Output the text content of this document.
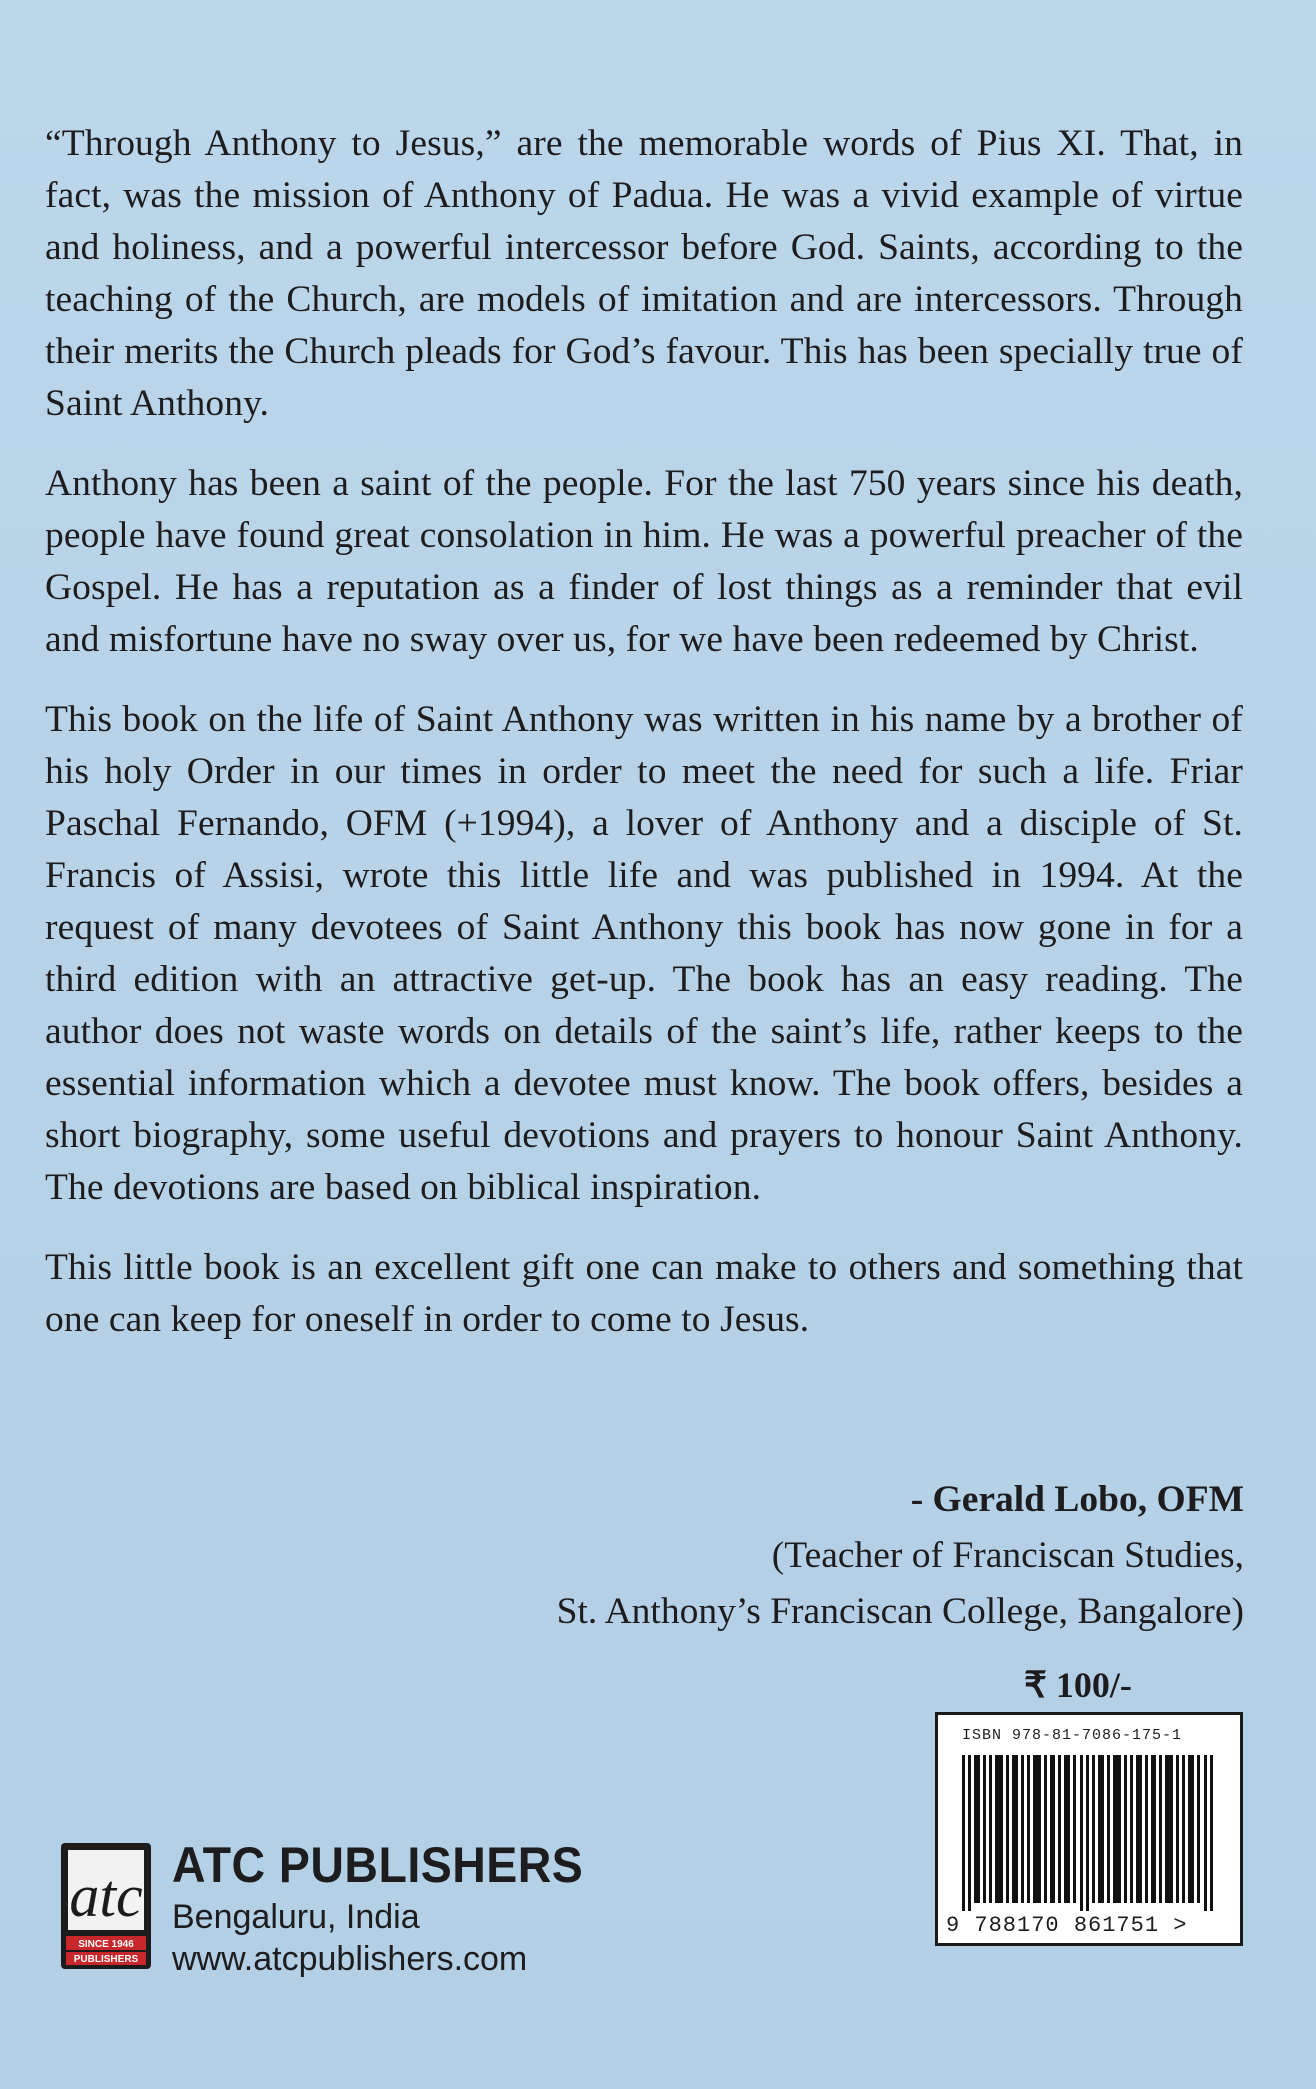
“Through Anthony to Jesus,” are the memorable words of Pius XI. That, in fact, was the mission of Anthony of Padua. He was a vivid example of virtue and holiness, and a powerful intercessor before God. Saints, according to the teaching of the Church, are models of imitation and are intercessors. Through their merits the Church pleads for God’s favour. This has been specially true of Saint Anthony.

Anthony has been a saint of the people. For the last 750 years since his death, people have found great consolation in him. He was a powerful preacher of the Gospel. He has a reputation as a finder of lost things as a reminder that evil and misfortune have no sway over us, for we have been redeemed by Christ.

This book on the life of Saint Anthony was written in his name by a brother of his holy Order in our times in order to meet the need for such a life. Friar Paschal Fernando, OFM (+1994), a lover of Anthony and a disciple of St. Francis of Assisi, wrote this little life and was published in 1994. At the request of many devotees of Saint Anthony this book has now gone in for a third edition with an attractive get-up. The book has an easy reading. The author does not waste words on details of the saint’s life, rather keeps to the essential information which a devotee must know. The book offers, besides a short biography, some useful devotions and prayers to honour Saint Anthony. The devotions are based on biblical inspiration.

This little book is an excellent gift one can make to others and something that one can keep for oneself in order to come to Jesus.

- Gerald Lobo, OFM
(Teacher of Franciscan Studies,
St. Anthony’s Franciscan College, Bangalore)
₹ 100/-
ISBN 978-81-7086-175-1
9 788170 861751 >
atc
SINCE 1946
PUBLISHERS
ATC PUBLISHERS
Bengaluru, India
www.atcpublishers.com
